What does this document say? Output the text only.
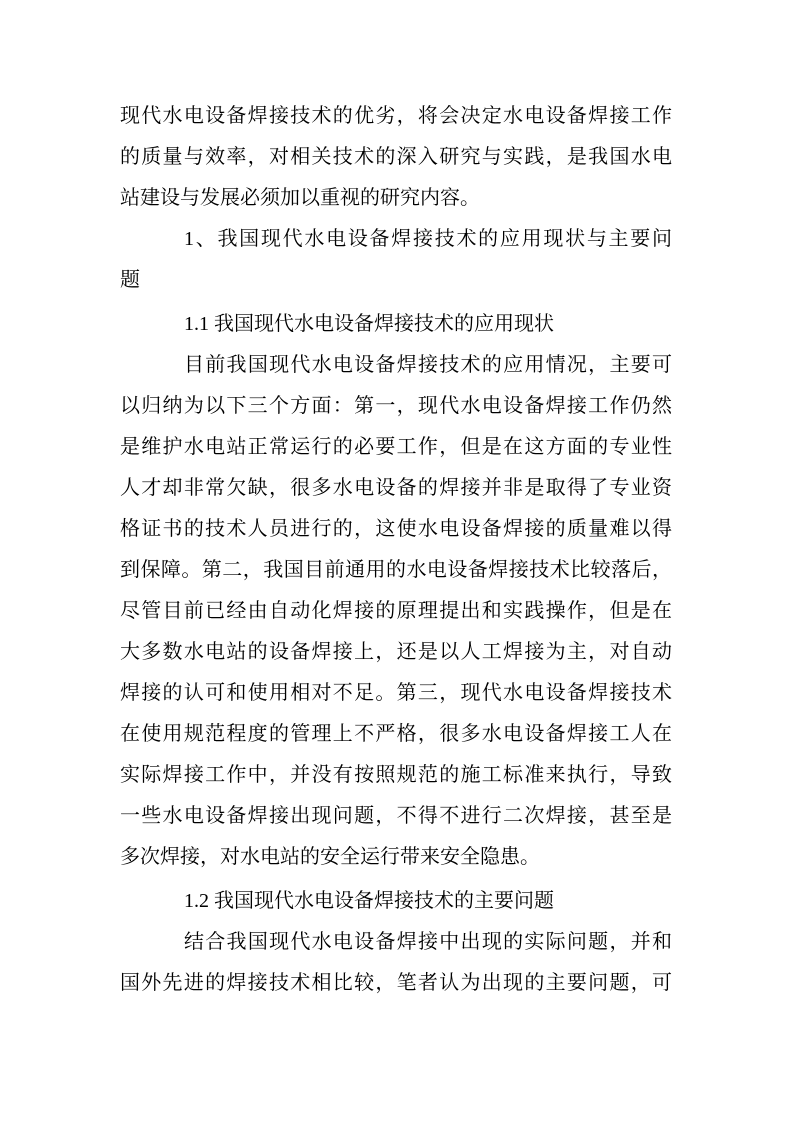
现代水电设备焊接技术的优劣，将会决定水电设备焊接工作
的质量与效率，对相关技术的深入研究与实践，是我国水电
站建设与发展必须加以重视的研究内容。
1、我国现代水电设备焊接技术的应用现状与主要问
题
1.1 我国现代水电设备焊接技术的应用现状
目前我国现代水电设备焊接技术的应用情况，主要可
以归纳为以下三个方面：第一，现代水电设备焊接工作仍然
是维护水电站正常运行的必要工作，但是在这方面的专业性
人才却非常欠缺，很多水电设备的焊接并非是取得了专业资
格证书的技术人员进行的，这使水电设备焊接的质量难以得
到保障。第二，我国目前通用的水电设备焊接技术比较落后，
尽管目前已经由自动化焊接的原理提出和实践操作，但是在
大多数水电站的设备焊接上，还是以人工焊接为主，对自动
焊接的认可和使用相对不足。第三，现代水电设备焊接技术
在使用规范程度的管理上不严格，很多水电设备焊接工人在
实际焊接工作中，并没有按照规范的施工标准来执行，导致
一些水电设备焊接出现问题，不得不进行二次焊接，甚至是
多次焊接，对水电站的安全运行带来安全隐患。
1.2 我国现代水电设备焊接技术的主要问题
结合我国现代水电设备焊接中出现的实际问题，并和
国外先进的焊接技术相比较，笔者认为出现的主要问题，可
